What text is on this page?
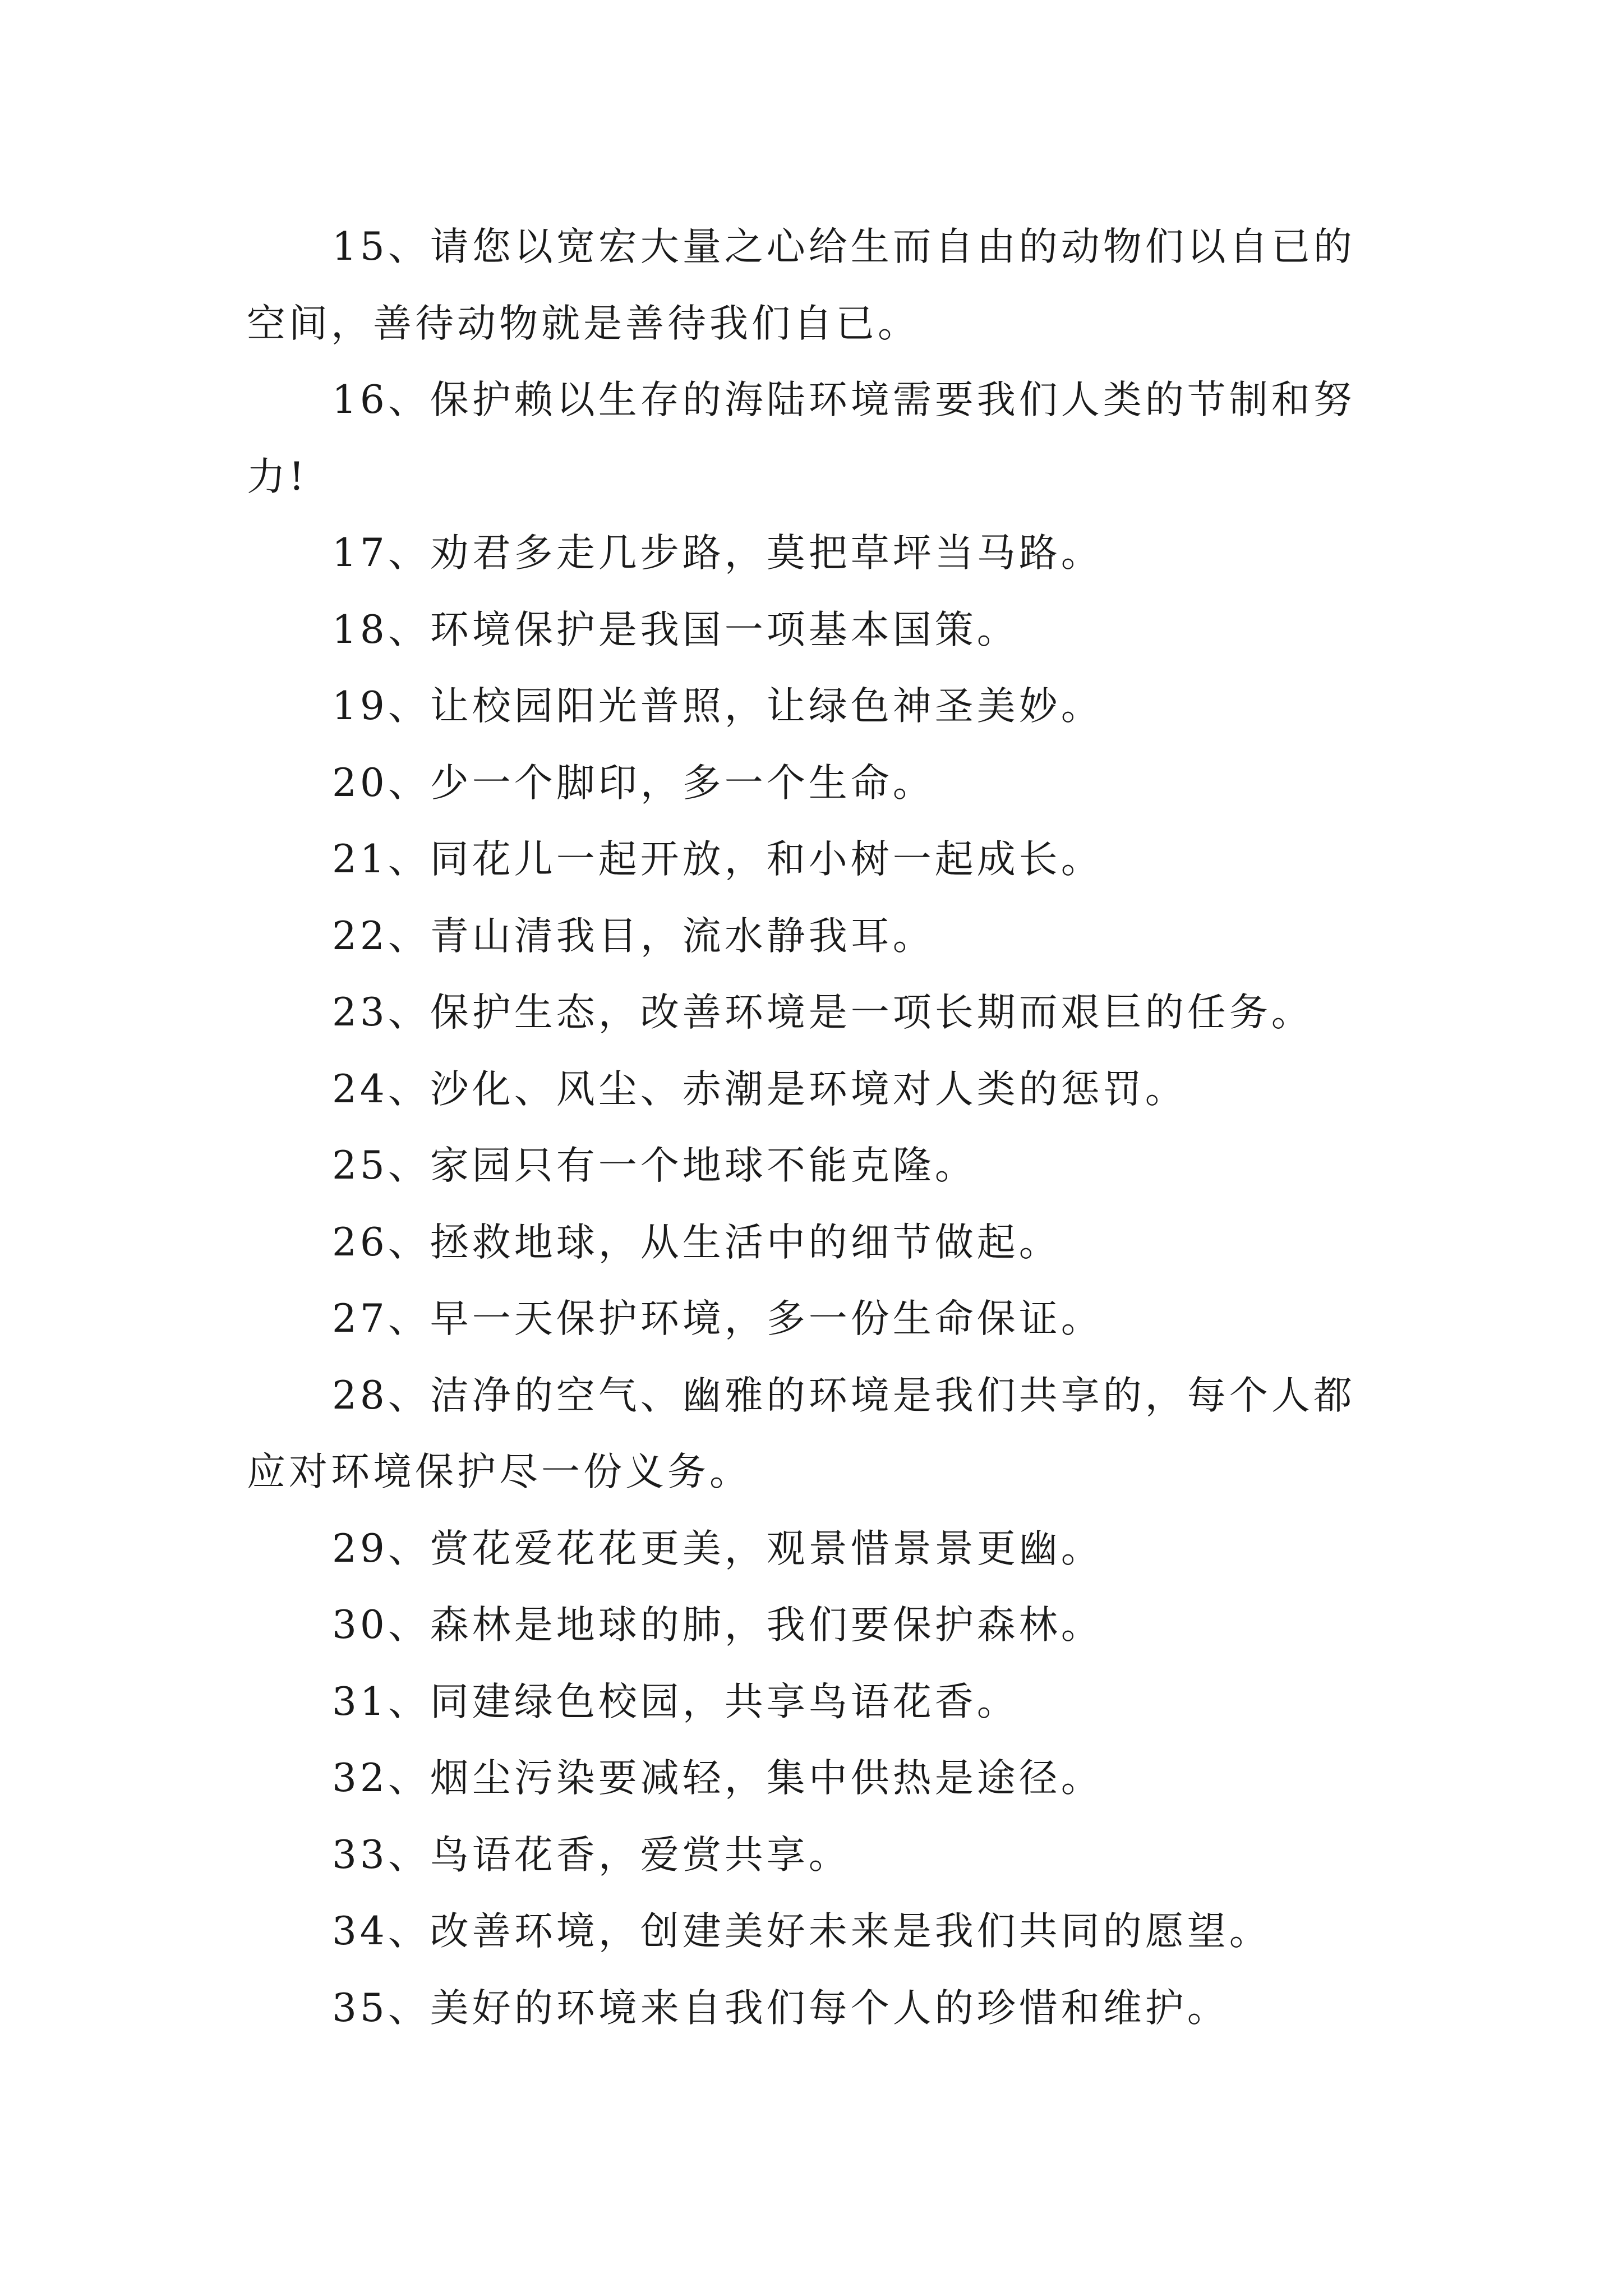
15、请您以宽宏大量之心给生而自由的动物们以自已的空间，善待动物就是善待我们自已。

16、保护赖以生存的海陆环境需要我们人类的节制和努力!

17、劝君多走几步路，莫把草坪当马路。

18、环境保护是我国一项基本国策。

19、让校园阳光普照，让绿色神圣美妙。

20、少一个脚印，多一个生命。

21、同花儿一起开放，和小树一起成长。

22、青山清我目，流水静我耳。

23、保护生态，改善环境是一项长期而艰巨的任务。

24、沙化、风尘、赤潮是环境对人类的惩罚。

25、家园只有一个地球不能克隆。

26、拯救地球，从生活中的细节做起。

27、早一天保护环境，多一份生命保证。

28、洁净的空气、幽雅的环境是我们共享的，每个人都应对环境保护尽一份义务。

29、赏花爱花花更美，观景惜景景更幽。

30、森林是地球的肺，我们要保护森林。

31、同建绿色校园，共享鸟语花香。

32、烟尘污染要减轻，集中供热是途径。

33、鸟语花香，爱赏共享。

34、改善环境，创建美好未来是我们共同的愿望。

35、美好的环境来自我们每个人的珍惜和维护。
